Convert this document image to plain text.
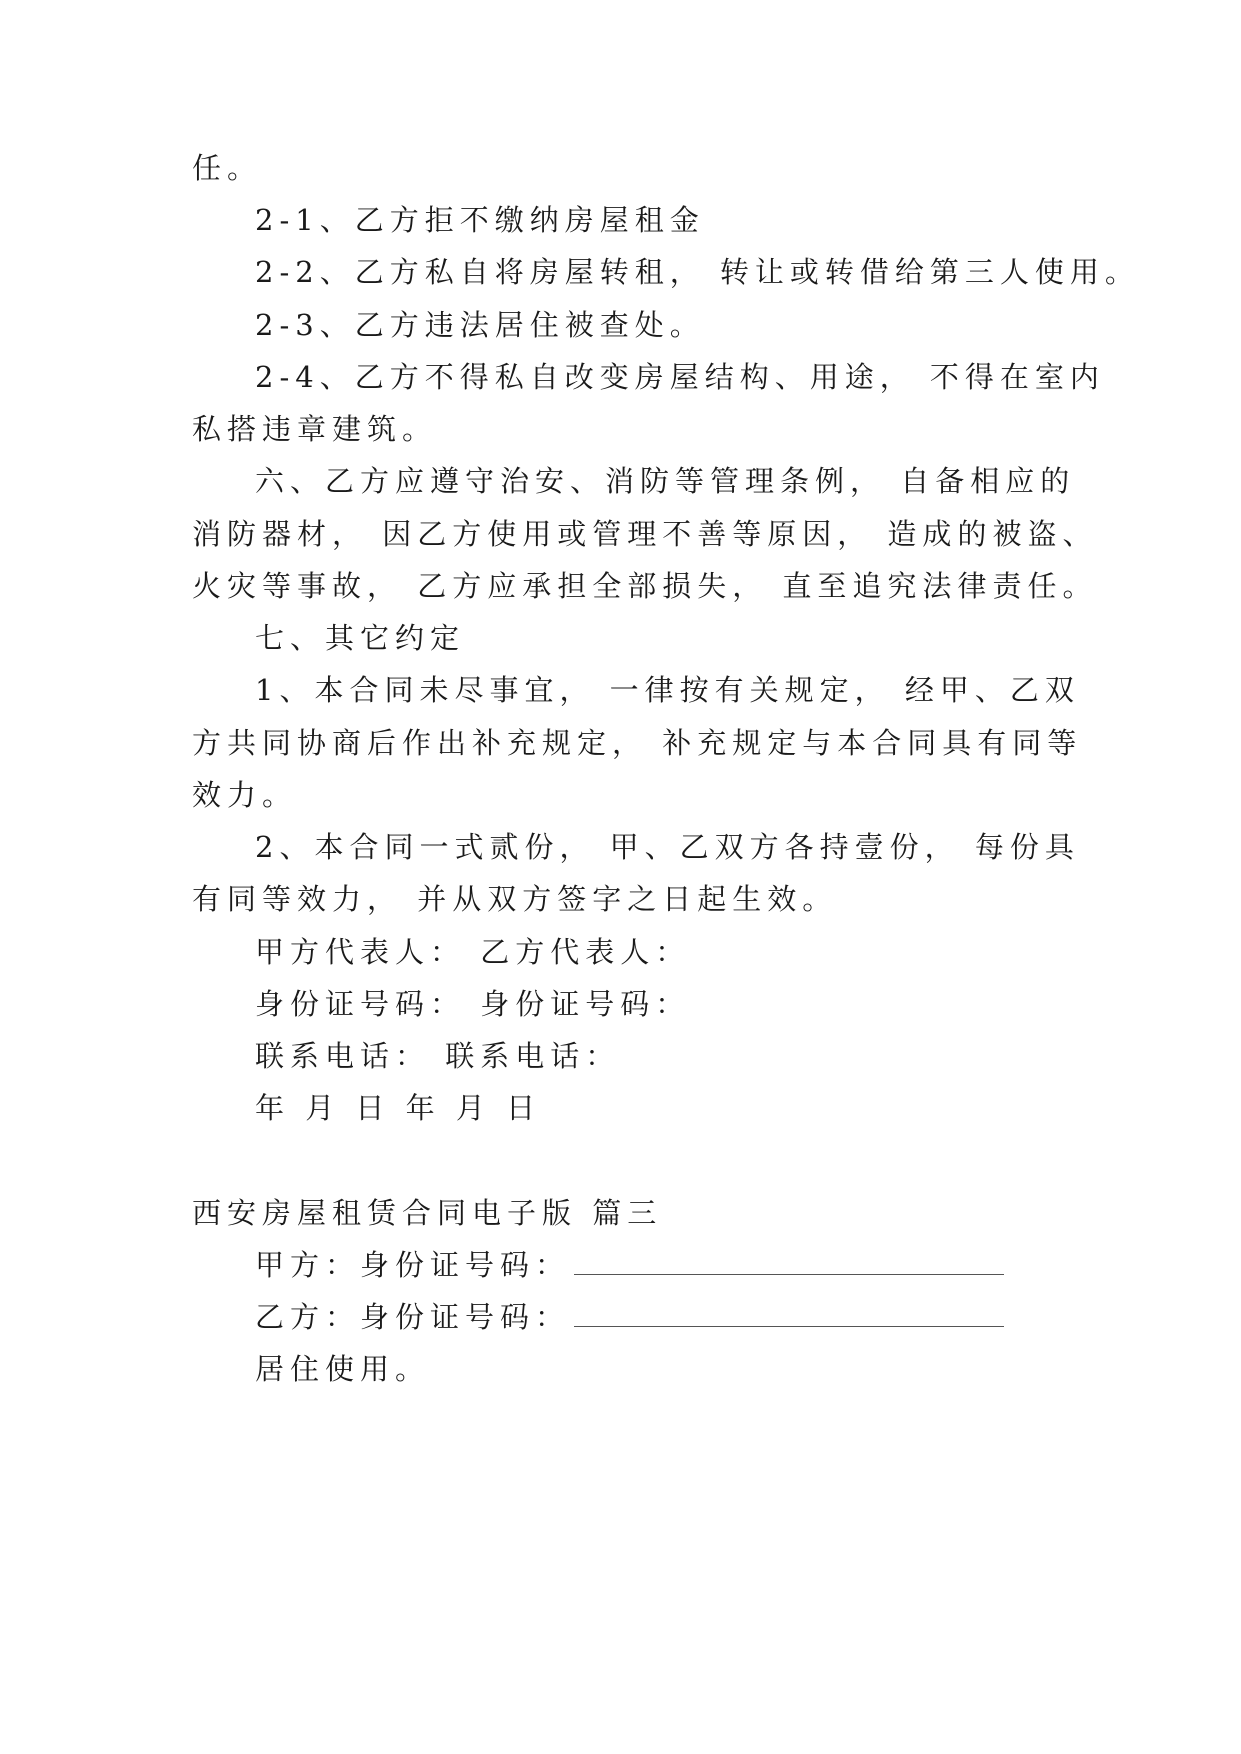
任。
2-1、乙方拒不缴纳房屋租金
2-2、乙方私自将房屋转租， 转让或转借给第三人使用。
2-3、乙方违法居住被查处。
2-4、乙方不得私自改变房屋结构、用途， 不得在室内
私搭违章建筑。
六、乙方应遵守治安、消防等管理条例， 自备相应的
消防器材， 因乙方使用或管理不善等原因， 造成的被盗、
火灾等事故， 乙方应承担全部损失， 直至追究法律责任。
七、其它约定
1、本合同未尽事宜， 一律按有关规定， 经甲、乙双
方共同协商后作出补充规定， 补充规定与本合同具有同等
效力。
2、本合同一式贰份， 甲、乙双方各持壹份， 每份具
有同等效力， 并从双方签字之日起生效。
甲方代表人： 乙方代表人：
身份证号码： 身份证号码：
联系电话： 联系电话：
年 月 日 年 月 日
西安房屋租赁合同电子版 篇三
甲方：身份证号码：
乙方：身份证号码：
居住使用。
